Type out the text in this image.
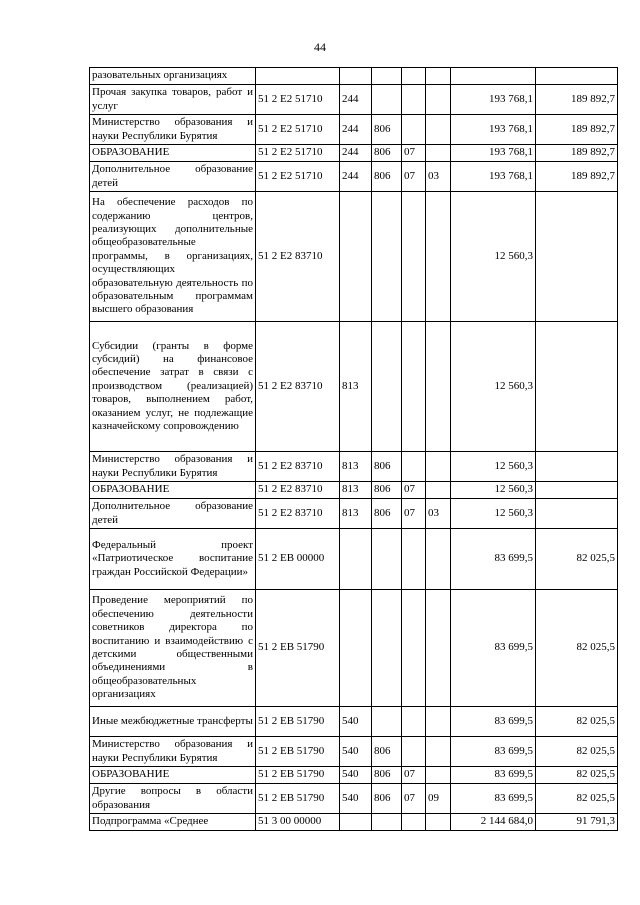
44
разовательных организациях							
Прочая закупка товаров, работ и услуг	51 2 E2 51710	244				193 768,1	189 892,7
Министерство образования и науки Республики Бурятия	51 2 E2 51710	244	806			193 768,1	189 892,7
ОБРАЗОВАНИЕ	51 2 E2 51710	244	806	07		193 768,1	189 892,7
Дополнительное образование детей	51 2 E2 51710	244	806	07	03	193 768,1	189 892,7
На обеспечение расходов по содержанию центров, реализующих дополнительные общеобразовательные программы, в организациях, осуществляющих образовательную деятельность по образовательным программам высшего образования	51 2 E2 83710					12 560,3	
Субсидии (гранты в форме субсидий) на финансовое обеспечение затрат в связи с производством (реализацией) товаров, выполнением работ, оказанием услуг, не подлежащие казначейскому сопровождению	51 2 E2 83710	813				12 560,3	
Министерство образования и науки Республики Бурятия	51 2 E2 83710	813	806			12 560,3	
ОБРАЗОВАНИЕ	51 2 E2 83710	813	806	07		12 560,3	
Дополнительное образование детей	51 2 E2 83710	813	806	07	03	12 560,3	
Федеральный проект «Патриотическое воспитание граждан Российской Федерации»	51 2 EB 00000					83 699,5	82 025,5
Проведение мероприятий по обеспечению деятельности советников директора по воспитанию и взаимодействию с детскими общественными объединениями в общеобразовательных организациях	51 2 EB 51790					83 699,5	82 025,5
Иные межбюджетные трансферты	51 2 EB 51790	540				83 699,5	82 025,5
Министерство образования и науки Республики Бурятия	51 2 EB 51790	540	806			83 699,5	82 025,5
ОБРАЗОВАНИЕ	51 2 EB 51790	540	806	07		83 699,5	82 025,5
Другие вопросы в области образования	51 2 EB 51790	540	806	07	09	83 699,5	82 025,5
Подпрограмма «Среднее	51 3 00 00000					2 144 684,0	91 791,3
